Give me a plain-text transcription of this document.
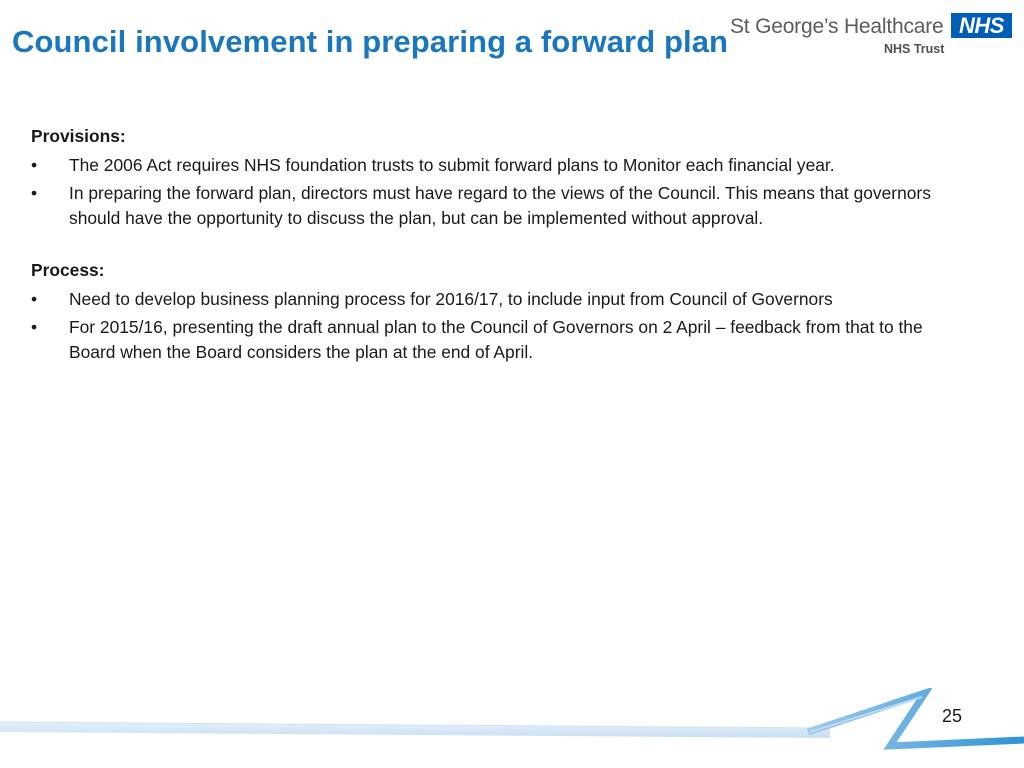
Council involvement in preparing a forward plan St George’s Healthcare NHS
NHS Trust

Provisions:

•	The 2006 Act requires NHS foundation trusts to submit forward plans to Monitor each financial year.
•	In preparing the forward plan, directors must have regard to the views of the Council. This means that governors should have the opportunity to discuss the plan, but can be implemented without approval.

Process:

•	Need to develop business planning process for 2016/17, to include input from Council of Governors
•	For 2015/16, presenting the draft annual plan to the Council of Governors on 2 April – feedback from that to the Board when the Board considers the plan at the end of April.
25
